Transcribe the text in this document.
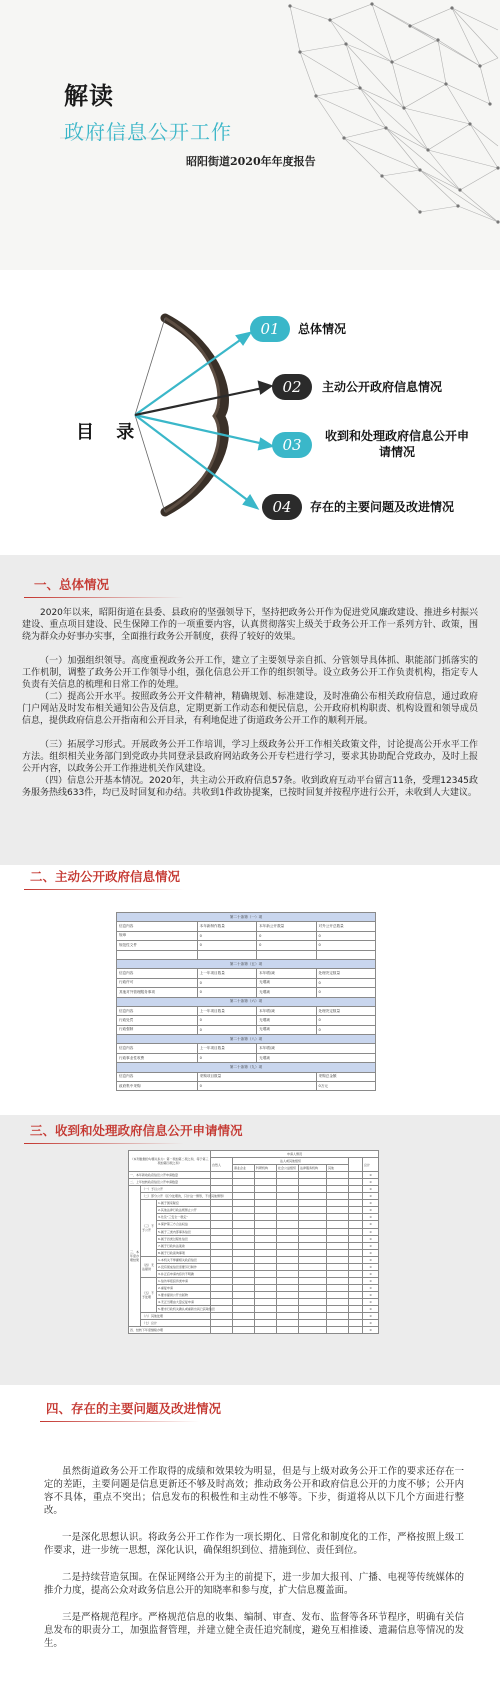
解读
政府信息公开工作
昭阳街道2020年年度报告
目 录
01	总体情况
02	主动公开政府信息情况
03	收到和处理政府信息公开申请情况
04	存在的主要问题及改进情况
一、总体情况
2020年以来，昭阳街道在县委、县政府的坚强领导下，坚持把政务公开作为促进党风廉政建设、推进乡村振兴建设、重点项目建设、民生保障工作的一项重要内容，认真贯彻落实上级关于政务公开工作一系列方针、政策，围绕为群众办好事办实事，全面推行政务公开制度，获得了较好的效果。
（一）加强组织领导。高度重视政务公开工作，建立了主要领导亲自抓、分管领导具体抓、职能部门抓落实的工作机制，调整了政务公开工作领导小组，强化信息公开工作的组织领导。设立政务公开工作负责机构，指定专人负责有关信息的梳理和日常工作的处理。
（二）提高公开水平。按照政务公开文件精神，精确规划、标准建设，及时准确公布相关政府信息，通过政府门户网站及时发布相关通知公告及信息，定期更新工作动态和便民信息，公开政府机构职责、机构设置和领导成员信息，提供政府信息公开指南和公开目录，有利地促进了街道政务公开工作的顺利开展。
（三）拓展学习形式。开展政务公开工作培训，学习上级政务公开工作相关政策文件，讨论提高公开水平工作方法。组织相关业务部门到党政办共同登录县政府网站政务公开专栏进行学习，要求其协助配合党政办，及时上报公开内容，以政务公开工作推进机关作风建设。
（四）信息公开基本情况。2020年，共主动公开政府信息57条。收到政府互动平台留言11条，受理12345政务服务热线633件，均已及时回复和办结。共收到1件政协提案，已按时回复并按程序进行公开，未收到人大建议。
二、主动公开政府信息情况
第二十条第（一）项			
信息内容	本年新制作数量	本年新公开数量	对外公开总数量
规章	0	0	0
规范性文件	0	0	0

第二十条第（五）项			
信息内容	上一年项目数量	本年增/减	处理决定数量
行政许可	0	无增减	0
其他对外管理服务事项	0	无增减	0
第二十条第（六）项			
信息内容	上一年项目数量	本年增/减	处理决定数量
行政处罚	0	无增减	0
行政强制	0	无增减	0
第二十条第（八）项			
信息内容	上一年项目数量	本年增/减	
行政事业性收费	0	无增减	
第二十条第（九）项			
信息内容	采购项目数量		采购总金额
政府集中采购	0		0万元
三、收到和处理政府信息公开申请情况
（本列数据的勾稽关系为：第一项加第二项之和，等于第三项加第四项之和）			申请人情况							
			自然人	法人或其他组织						总计
				商业企业	科研机构	社会公益组织	法律服务机构	其他		
一、本年新收政府信息公开申请数量										0
二、上年结转政府信息公开申请数量										0
三、本年度办理结果	（一）予以公开									0
	（二）部分公开（区分处理的，只计这一情形，不计其他情形）									0
	（三）不予公开	1.属于国家秘密								0
		2.其他法律行政法规禁止公开								0
		3.危及“三安全一稳定”								0
		4.保护第三方合法权益								0
		5.属于三类内部事务信息								0
		6.属于四类过程性信息								0
		7.属于行政执法案卷								0
		8.属于行政查询事项								0
	（四）无法提供	1.本机关不掌握相关政府信息								0
		2.没有现成信息需要另行制作								0
		3.补正后申请内容仍不明确								0
	（五）不予处理	1.信访举报投诉类申请								0
		2.重复申请								0
		3.要求提供公开出版物								0
		4.无正当理由大量反复申请								0
		5.要求行政机关确认或重新出具已获取信息								0
	（六）其他处理									0
	（七）总计									0
四、结转下年度继续办理										0
四、存在的主要问题及改进情况
虽然街道政务公开工作取得的成绩和效果较为明显，但是与上级对政务公开工作的要求还存在一定的差距，主要问题是信息更新还不够及时高效；推动政务公开和政府信息公开的力度不够；公开内容不具体，重点不突出；信息发布的积极性和主动性不够等。下步，街道将从以下几个方面进行整改。
一是深化思想认识。将政务公开工作作为一项长期化、日常化和制度化的工作，严格按照上级工作要求，进一步统一思想，深化认识，确保组织到位、措施到位、责任到位。
二是持续营造氛围。在保证网络公开为主的前提下，进一步加大报刊、广播、电视等传统媒体的推介力度，提高公众对政务信息公开的知晓率和参与度，扩大信息覆盖面。
三是严格规范程序。严格规范信息的收集、编制、审查、发布、监督等各环节程序，明确有关信息发布的职责分工，加强监督管理，并建立健全责任追究制度，避免互相推诿、遗漏信息等情况的发生。
